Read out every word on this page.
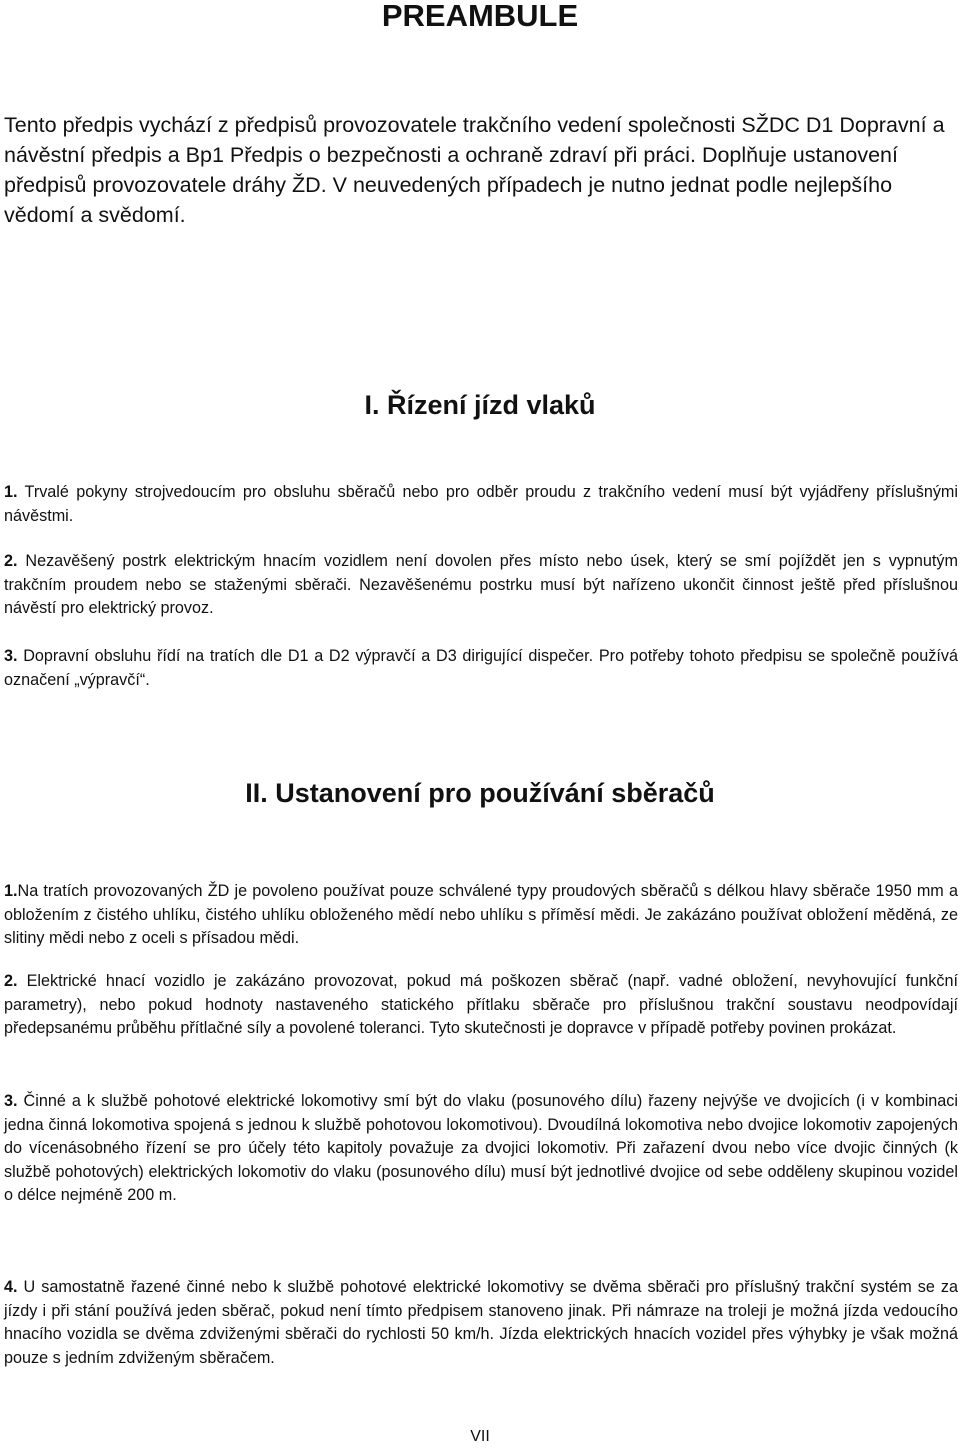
PREAMBULE

Tento předpis vychází z předpisů provozovatele trakčního vedení společnosti SŽDC D1 Dopravní a návěstní předpis a Bp1 Předpis o bezpečnosti a ochraně zdraví při práci. Doplňuje ustanovení předpisů provozovatele dráhy ŽD. V neuvedených případech je nutno jednat podle nejlepšího vědomí a svědomí.

I. Řízení jízd vlaků

1. Trvalé pokyny strojvedoucím pro obsluhu sběračů nebo pro odběr proudu z trakčního vedení musí být vyjádřeny příslušnými návěstmi.

2. Nezavěšený postrk elektrickým hnacím vozidlem není dovolen přes místo nebo úsek, který se smí pojíždět jen s vypnutým trakčním proudem nebo se staženými sběrači. Nezavěšenému postrku musí být nařízeno ukončit činnost ještě před příslušnou návěstí pro elektrický provoz.

3. Dopravní obsluhu řídí na tratích dle D1 a D2 výpravčí a D3 dirigující dispečer. Pro potřeby tohoto předpisu se společně používá označení „výpravčí“.

II. Ustanovení pro používání sběračů

1.Na tratích provozovaných ŽD je povoleno používat pouze schválené typy proudových sběračů s délkou hlavy sběrače 1950 mm a obložením z čistého uhlíku, čistého uhlíku obloženého mědí nebo uhlíku s příměsí mědi. Je zakázáno používat obložení měděná, ze slitiny mědi nebo z oceli s přísadou mědi.

2. Elektrické hnací vozidlo je zakázáno provozovat, pokud má poškozen sběrač (např. vadné obložení, nevyhovující funkční parametry), nebo pokud hodnoty nastaveného statického přítlaku sběrače pro příslušnou trakční soustavu neodpovídají předepsanému průběhu přítlačné síly a povolené toleranci. Tyto skutečnosti je dopravce v případě potřeby povinen prokázat.

3. Činné a k službě pohotové elektrické lokomotivy smí být do vlaku (posunového dílu) řazeny nejvýše ve dvojicích (i v kombinaci jedna činná lokomotiva spojená s jednou k službě pohotovou lokomotivou). Dvoudílná lokomotiva nebo dvojice lokomotiv zapojených do vícenásobného řízení se pro účely této kapitoly považuje za dvojici lokomotiv. Při zařazení dvou nebo více dvojic činných (k službě pohotových) elektrických lokomotiv do vlaku (posunového dílu) musí být jednotlivé dvojice od sebe odděleny skupinou vozidel o délce nejméně 200 m.

4. U samostatně řazené činné nebo k službě pohotové elektrické lokomotivy se dvěma sběrači pro příslušný trakční systém se za jízdy i při stání používá jeden sběrač, pokud není tímto předpisem stanoveno jinak. Při námraze na troleji je možná jízda vedoucího hnacího vozidla se dvěma zdviženými sběrači do rychlosti 50 km/h. Jízda elektrických hnacích vozidel přes výhybky je však možná pouze s jedním zdviženým sběračem.

VII
